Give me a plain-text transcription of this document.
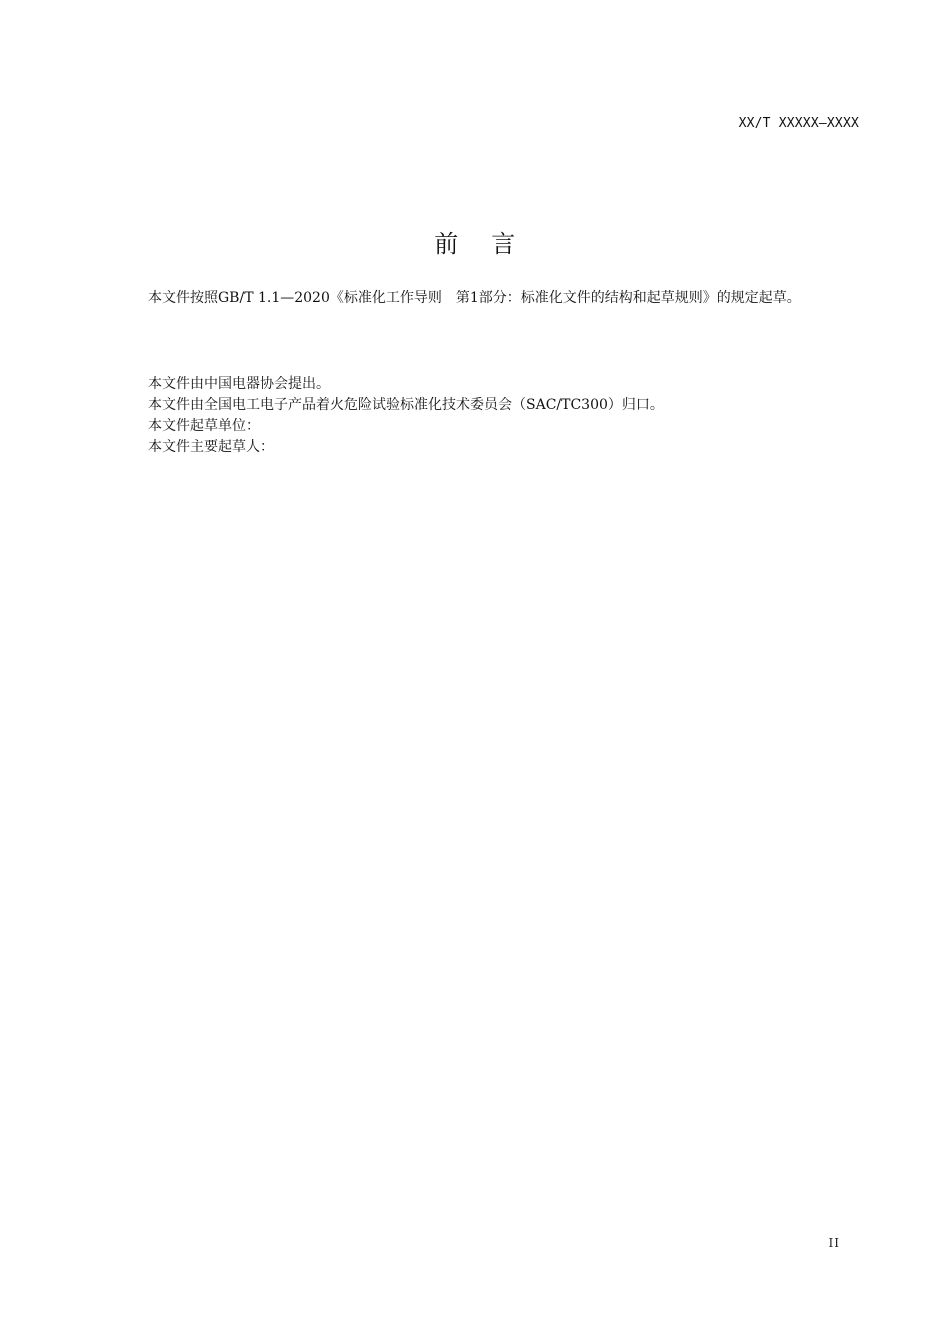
XX/T XXXXX—XXXX
前    言

本文件按照GB/T 1.1—2020《标准化工作导则　第1部分：标准化文件的结构和起草规则》的规定起草。

本文件由中国电器协会提出。

本文件由全国电工电子产品着火危险试验标准化技术委员会（SAC/TC300）归口。

本文件起草单位：

本文件主要起草人：

II
